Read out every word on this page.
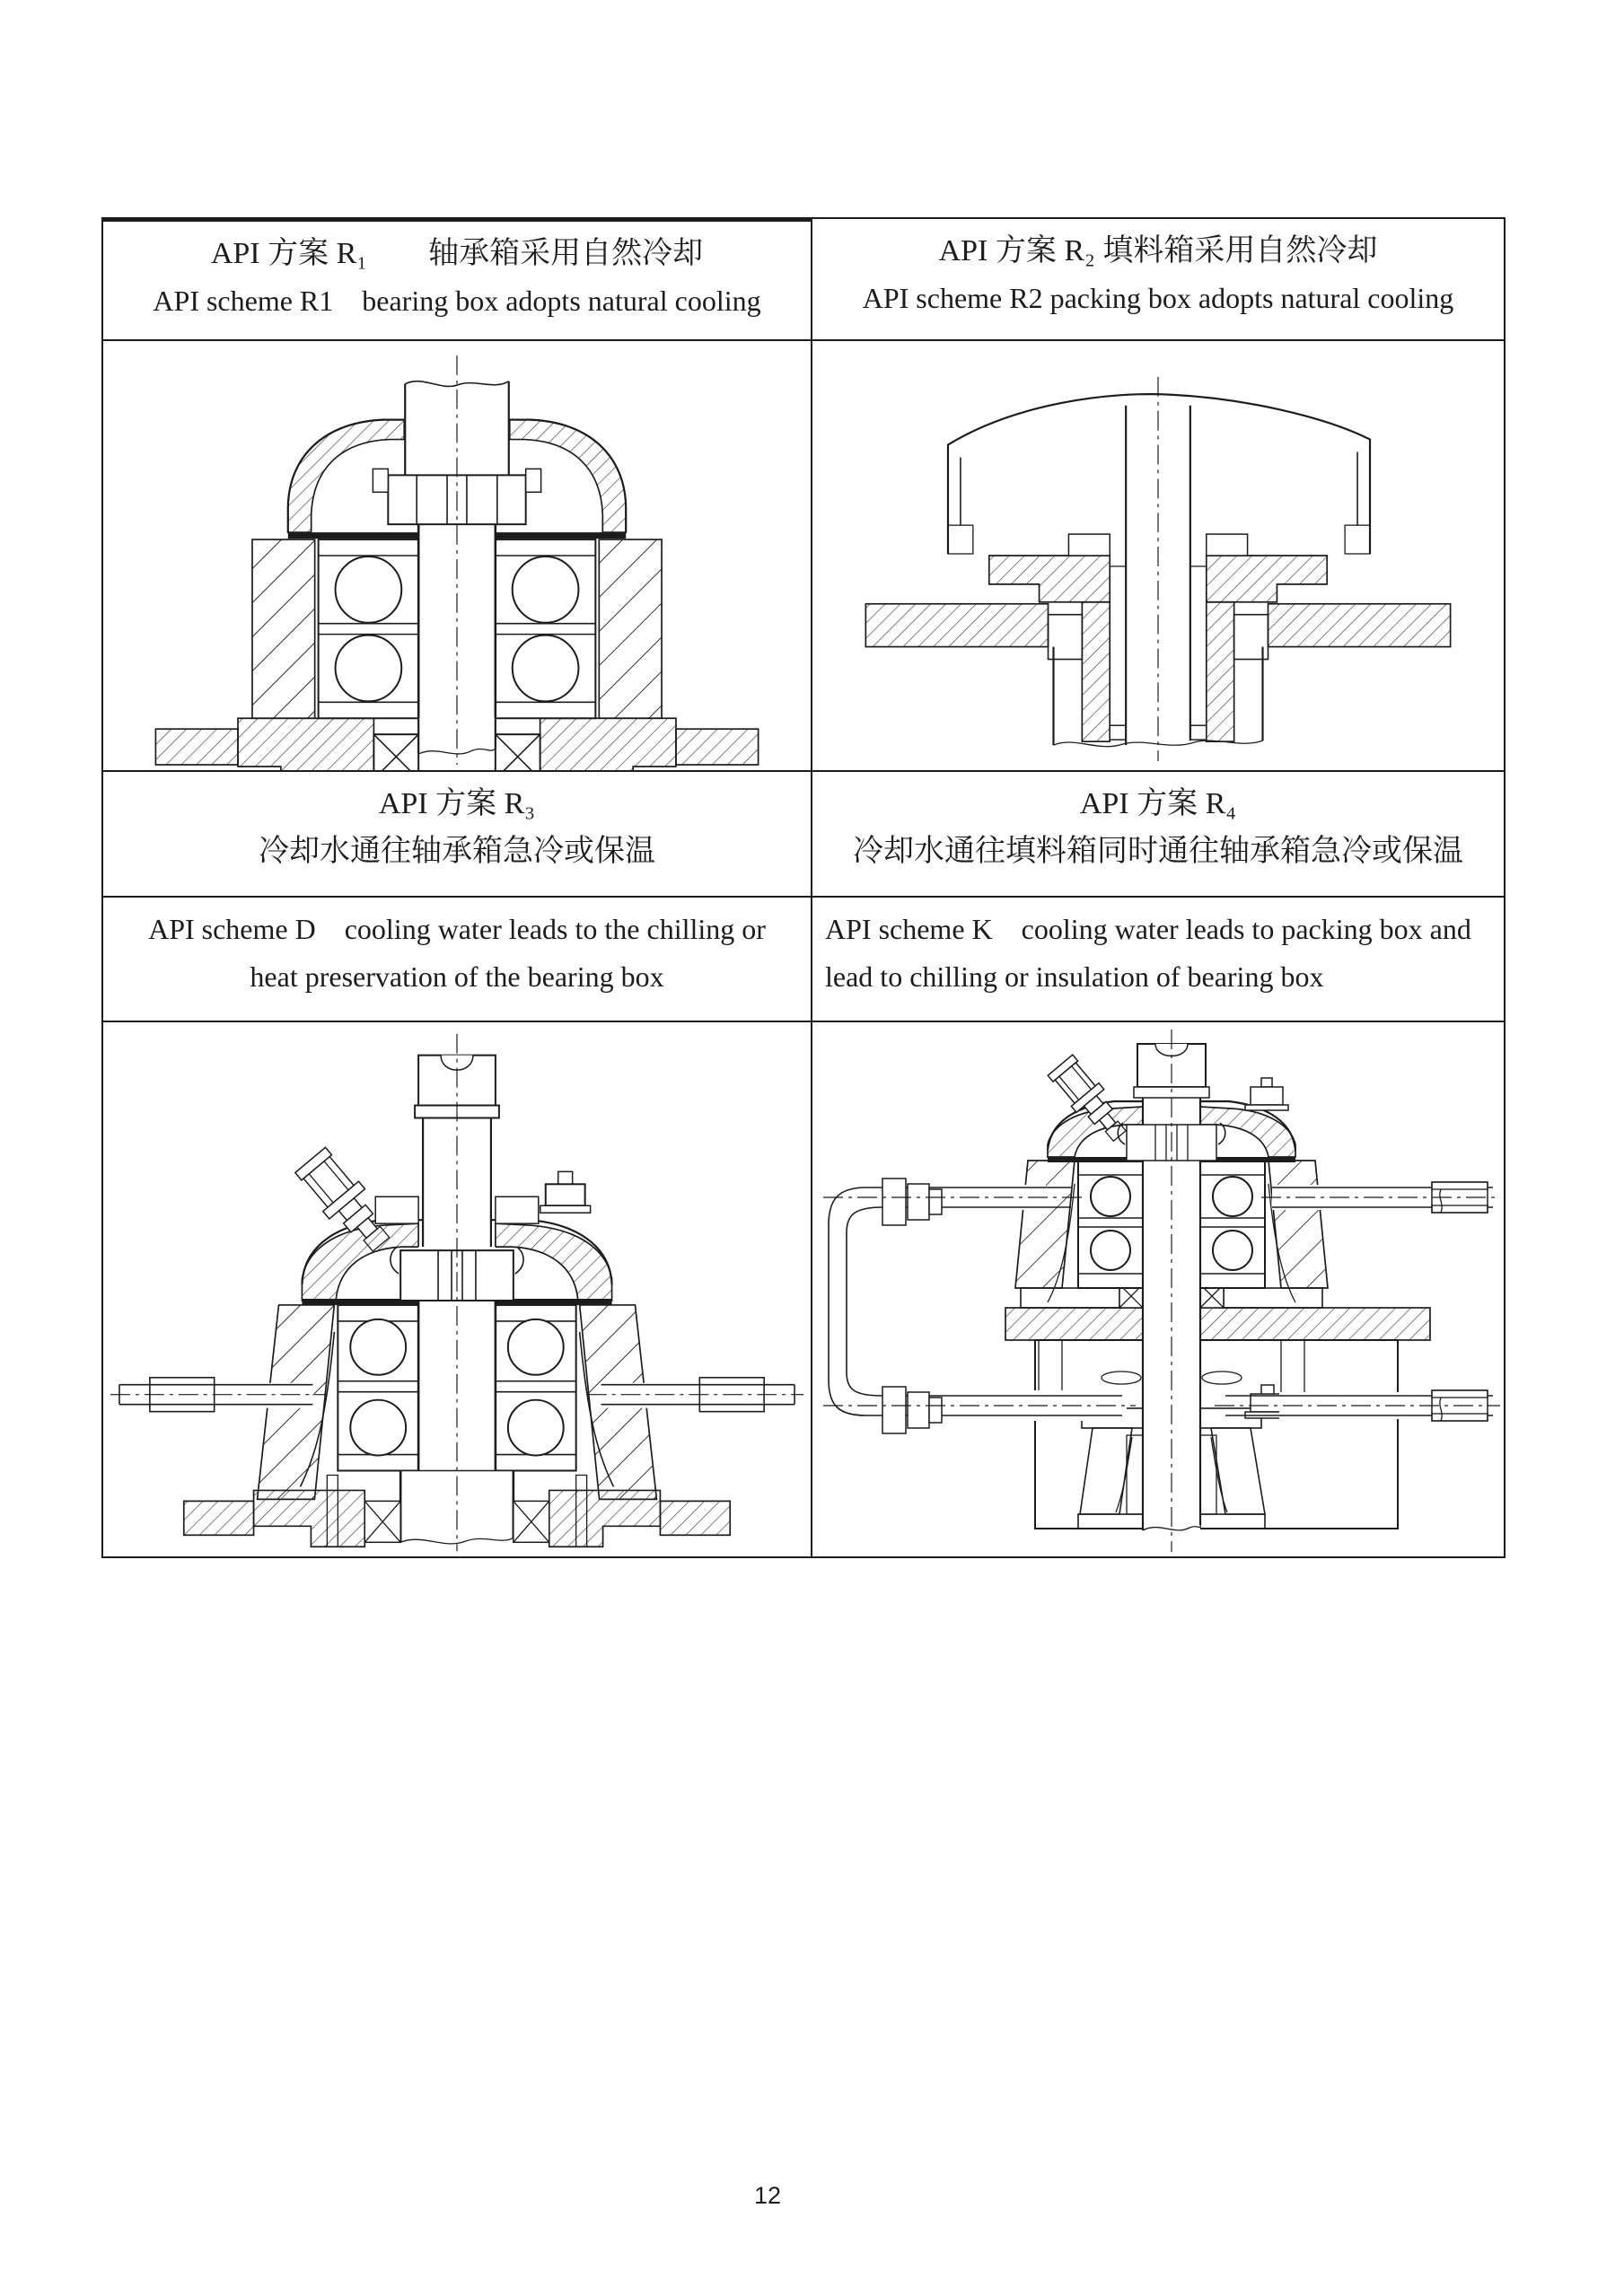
API 方案 R₁　　轴承箱采用自然冷却
API scheme R1    bearing box adopts natural cooling
API 方案 R₂ 填料箱采用自然冷却
API scheme R2 packing box adopts natural cooling
API 方案 R₃
冷却水通往轴承箱急冷或保温
API 方案 R₄
冷却水通往填料箱同时通往轴承箱急冷或保温
API scheme D    cooling water leads to the chilling or
heat preservation of the bearing box
API scheme K    cooling water leads to packing box and
lead to chilling or insulation of bearing box
12
